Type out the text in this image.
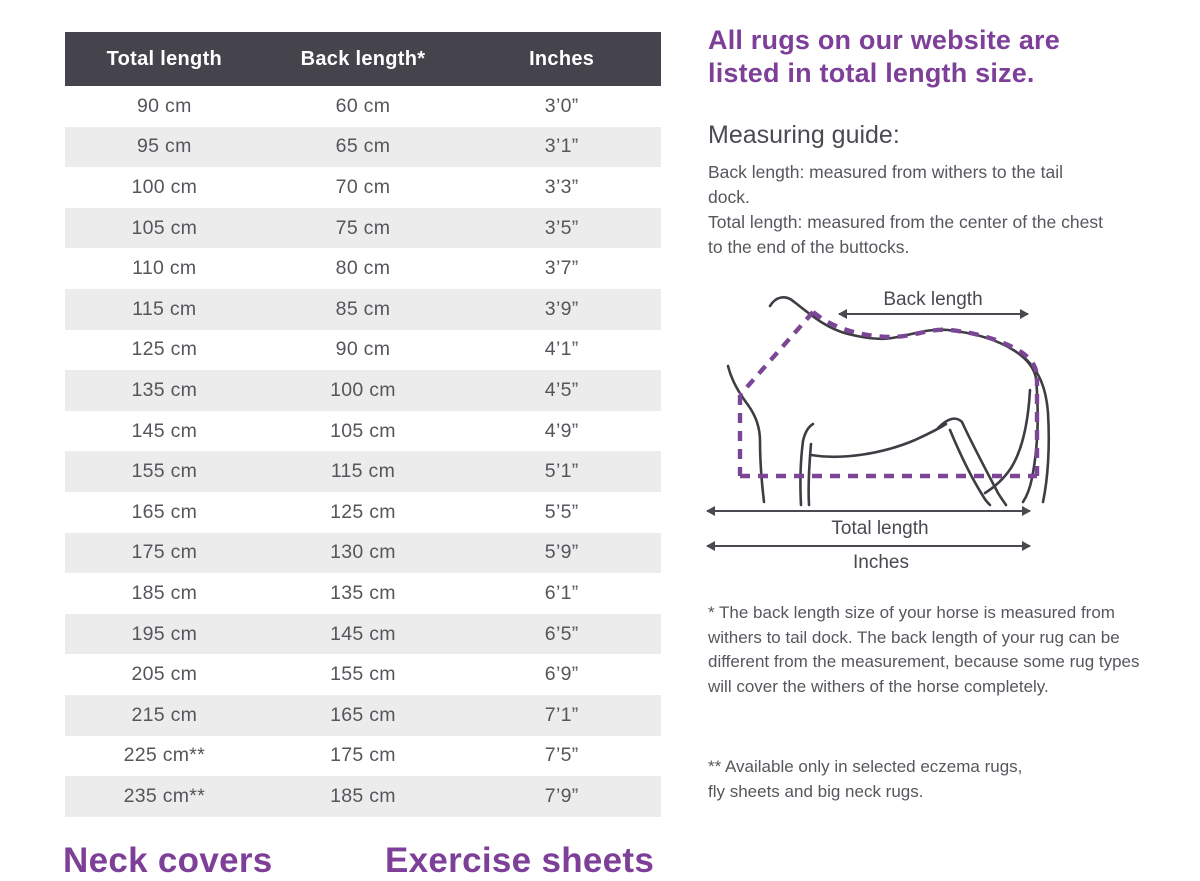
Total length	Back length*	Inches
90 cm	60 cm	3’0”
95 cm	65 cm	3’1”
100 cm	70 cm	3’3”
105 cm	75 cm	3’5”
110 cm	80 cm	3’7”
115 cm	85 cm	3’9”
125 cm	90 cm	4’1”
135 cm	100 cm	4’5”
145 cm	105 cm	4’9”
155 cm	115 cm	5’1”
165 cm	125 cm	5’5”
175 cm	130 cm	5’9”
185 cm	135 cm	6’1”
195 cm	145 cm	6’5”
205 cm	155 cm	6’9”
215 cm	165 cm	7’1”
225 cm**	175 cm	7’5”
235 cm**	185 cm	7’9”
All rugs on our website are listed in total length size.
Measuring guide:

Back length: measured from withers to the tail dock.
Total length: measured from the center of the chest to the end of the buttocks.

Back length
Total length
Inches

* The back length size of your horse is measured from withers to tail dock. The back length of your rug can be different from the measurement, because some rug types will cover the withers of the horse completely.

** Available only in selected eczema rugs,
fly sheets and big neck rugs.

Neck covers	Exercise sheets
